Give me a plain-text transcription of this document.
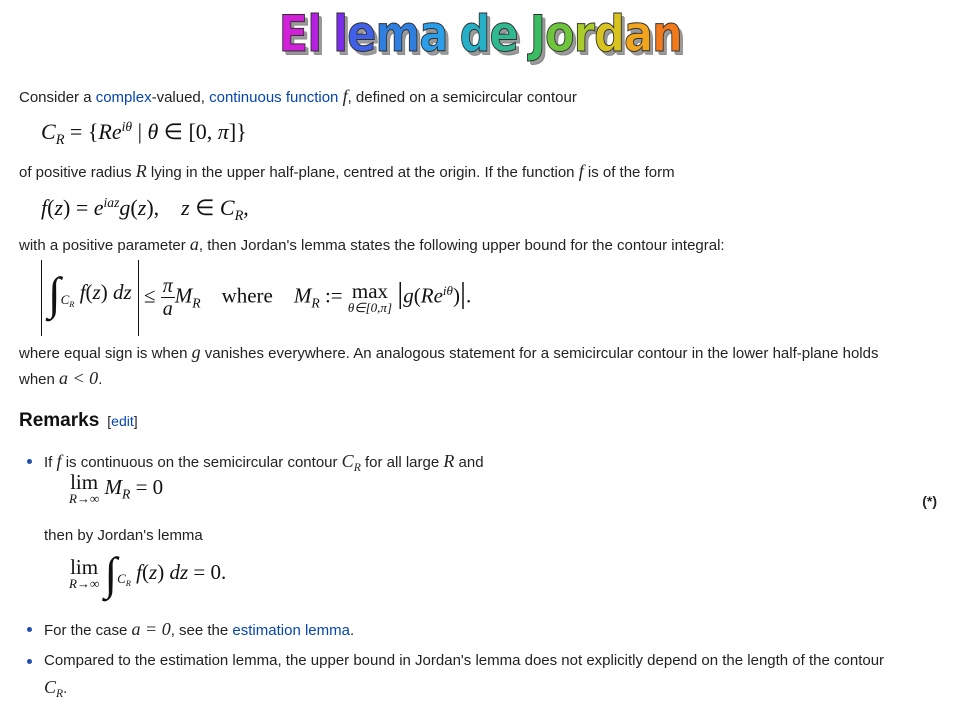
El lema de Jordan

Consider a complex-valued, continuous function f, defined on a semicircular contour

$C_R = \{Re^{i\theta}$ | θ ∈ [0, π]}

of positive radius R lying in the upper half-plane, centred at the origin. If the function f is of the form

$f(z) = e^{iaz}g(z)$,    z ∈ $C_R$,

with a positive parameter a, then Jordan's lemma states the following upper bound for the contour integral:

$\int_{C_R}$ f(z) dz ≤ $\frac{\pi}{a} M_R$ where $M_R$ := max
θ∈[0,π] $|g(Re^{i\theta})|$.

where equal sign is when g vanishes everywhere. An analogous statement for a semicircular contour in the lower half-plane holds

when a < 0.

Remarks [edit]

If f is continuous on the semicircular contour $C_R$ for all large R and

lim
R→∞ $M_R = 0$
(*)

then by Jordan's lemma

lim
R→∞ $\int_{C_R}$ f(z) dz = 0.

For the case a = 0, see the estimation lemma.

Compared to the estimation lemma, the upper bound in Jordan's lemma does not explicitly depend on the length of the contour

$C_R$.
